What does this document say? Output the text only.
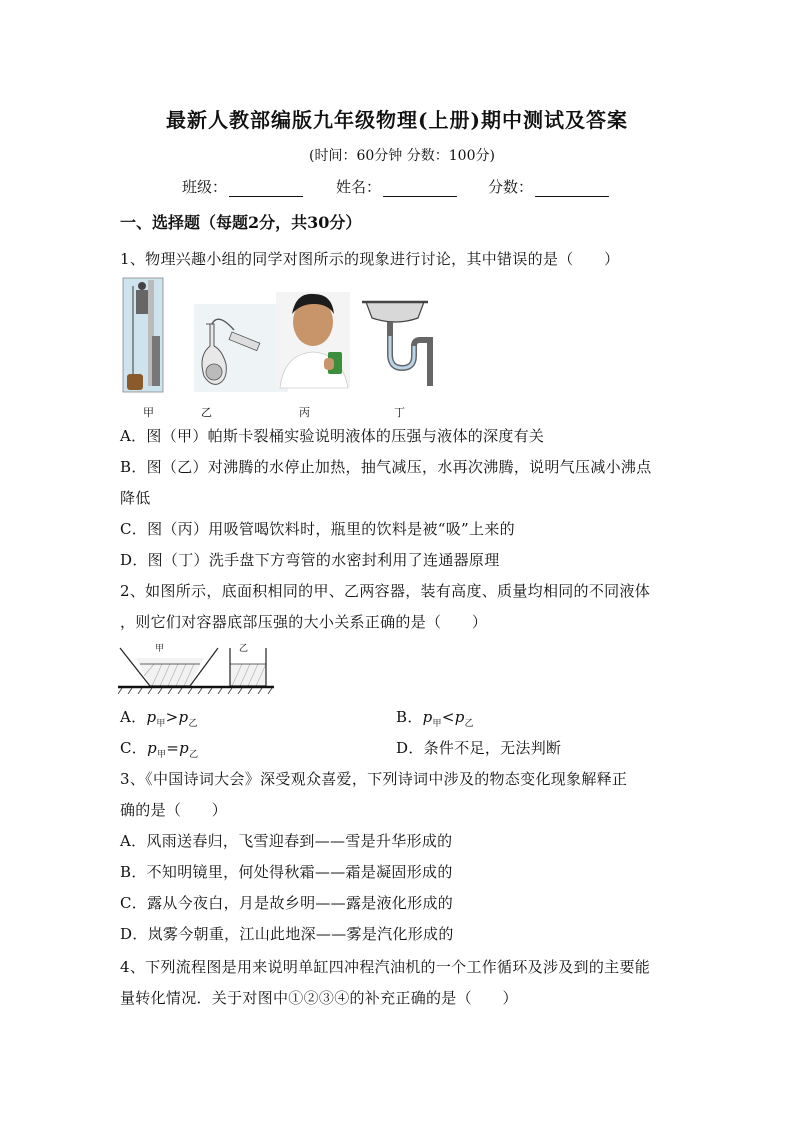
最新人教部编版九年级物理(上册)期中测试及答案
(时间：60分钟 分数：100分)
班级：	姓名：	分数：
一、选择题（每题2分，共30分）
1、物理兴趣小组的同学对图所示的现象进行讨论，其中错误的是（　　）
甲	乙	丙	丁
A．图（甲）帕斯卡裂桶实验说明液体的压强与液体的深度有关
B．图（乙）对沸腾的水停止加热，抽气减压，水再次沸腾，说明气压减小沸点
降低
C．图（丙）用吸管喝饮料时，瓶里的饮料是被“吸”上来的
D．图（丁）洗手盘下方弯管的水密封利用了连通器原理
2、如图所示，底面积相同的甲、乙两容器，装有高度、质量均相同的不同液体
，则它们对容器底部压强的大小关系正确的是（　　）
甲	乙
A．$p_甲>p_乙$	B．$p_甲<p_乙$
C．$p_甲=p_乙$	D．条件不足，无法判断
3、《中国诗词大会》深受观众喜爱，下列诗词中涉及的物态变化现象解释正
确的是（　　）
A．风雨送春归，飞雪迎春到——雪是升华形成的
B．不知明镜里，何处得秋霜——霜是凝固形成的
C．露从今夜白，月是故乡明——露是液化形成的
D．岚雾今朝重，江山此地深——雾是汽化形成的
4、下列流程图是用来说明单缸四冲程汽油机的一个工作循环及涉及到的主要能
量转化情况．关于对图中①②③④的补充正确的是（　　）
